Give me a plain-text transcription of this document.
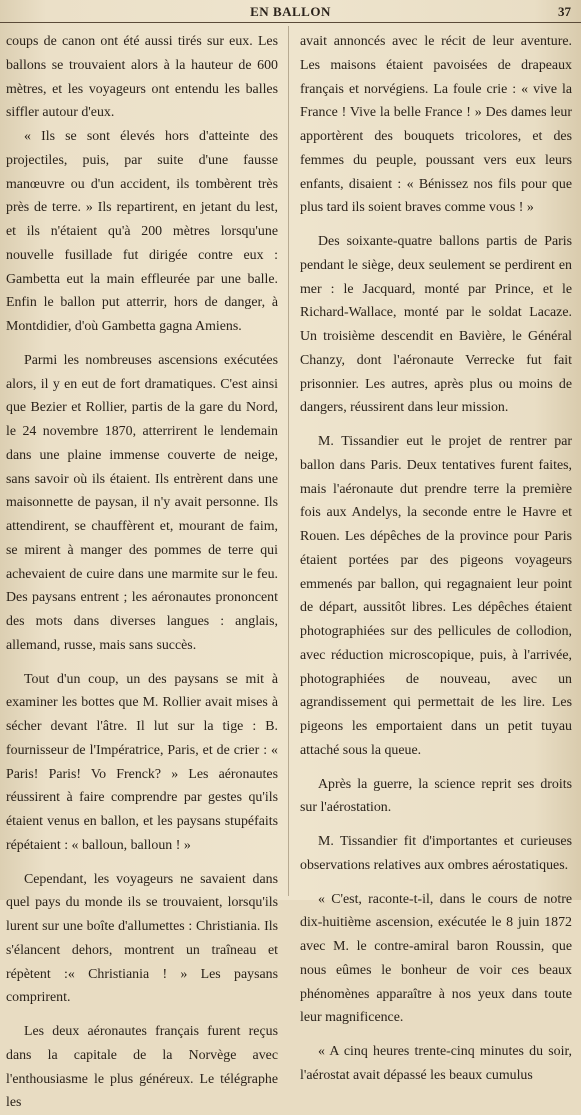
EN BALLON	37

coups de canon ont été aussi tirés sur eux. Les ballons se trouvaient alors à la hauteur de 600 mètres, et les voyageurs ont entendu les balles siffler autour d'eux.

« Ils se sont élevés hors d'atteinte des projectiles, puis, par suite d'une fausse manœuvre ou d'un accident, ils tombèrent très près de terre. » Ils repartirent, en jetant du lest, et ils n'étaient qu'à 200 mètres lorsqu'une nouvelle fusillade fut dirigée contre eux : Gambetta eut la main effleurée par une balle. Enfin le ballon put atterrir, hors de danger, à Montdidier, d'où Gambetta gagna Amiens.

Parmi les nombreuses ascensions exécutées alors, il y en eut de fort dramatiques. C'est ainsi que Bezier et Rollier, partis de la gare du Nord, le 24 novembre 1870, atterrirent le lendemain dans une plaine immense couverte de neige, sans savoir où ils étaient. Ils entrèrent dans une maisonnette de paysan, il n'y avait personne. Ils attendirent, se chauffèrent et, mourant de faim, se mirent à manger des pommes de terre qui achevaient de cuire dans une marmite sur le feu. Des paysans entrent ; les aéronautes prononcent des mots dans diverses langues : anglais, allemand, russe, mais sans succès.

Tout d'un coup, un des paysans se mit à examiner les bottes que M. Rollier avait mises à sécher devant l'âtre. Il lut sur la tige : B. fournisseur de l'Impératrice, Paris, et de crier : « Paris! Paris! Vo Frenck? » Les aéronautes réussirent à faire comprendre par gestes qu'ils étaient venus en ballon, et les paysans stupéfaits répétaient : « balloun, balloun ! »

Cependant, les voyageurs ne savaient dans quel pays du monde ils se trouvaient, lorsqu'ils lurent sur une boîte d'allumettes : Christiania. Ils s'élancent dehors, montrent un traîneau et répètent :« Christiania ! » Les paysans comprirent.

Les deux aéronautes français furent reçus dans la capitale de la Norvège avec l'enthousiasme le plus généreux. Le télégraphe les

avait annoncés avec le récit de leur aventure. Les maisons étaient pavoisées de drapeaux français et norvégiens. La foule crie : « vive la France ! Vive la belle France ! » Des dames leur apportèrent des bouquets tricolores, et des femmes du peuple, poussant vers eux leurs enfants, disaient : « Bénissez nos fils pour que plus tard ils soient braves comme vous ! »

Des soixante-quatre ballons partis de Paris pendant le siège, deux seulement se perdirent en mer : le Jacquard, monté par Prince, et le Richard-Wallace, monté par le soldat Lacaze. Un troisième descendit en Bavière, le Général Chanzy, dont l'aéronaute Verrecke fut fait prisonnier. Les autres, après plus ou moins de dangers, réussirent dans leur mission.

M. Tissandier eut le projet de rentrer par ballon dans Paris. Deux tentatives furent faites, mais l'aéronaute dut prendre terre la première fois aux Andelys, la seconde entre le Havre et Rouen. Les dépêches de la province pour Paris étaient portées par des pigeons voyageurs emmenés par ballon, qui regagnaient leur point de départ, aussitôt libres. Les dépêches étaient photographiées sur des pellicules de collodion, avec réduction microscopique, puis, à l'arrivée, photographiées de nouveau, avec un agrandissement qui permettait de les lire. Les pigeons les emportaient dans un petit tuyau attaché sous la queue.

Après la guerre, la science reprit ses droits sur l'aérostation.

M. Tissandier fit d'importantes et curieuses observations relatives aux ombres aérostatiques.

« C'est, raconte-t-il, dans le cours de notre dix-huitième ascension, exécutée le 8 juin 1872 avec M. le contre-amiral baron Roussin, que nous eûmes le bonheur de voir ces beaux phénomènes apparaître à nos yeux dans toute leur magnificence.

« A cinq heures trente-cinq minutes du soir, l'aérostat avait dépassé les beaux cumulus
